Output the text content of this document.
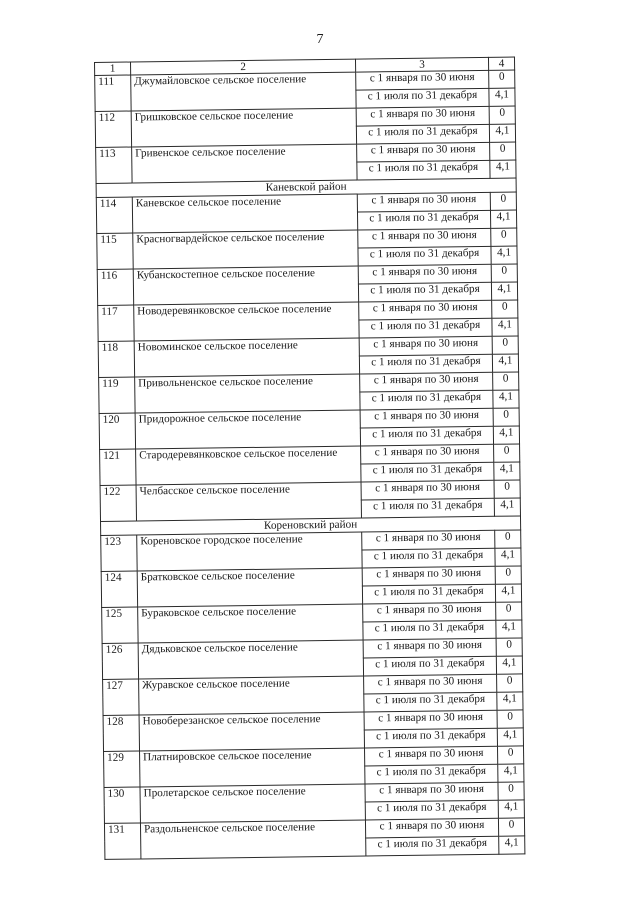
7
1	2	3	4
111	Джумайловское сельское поселение	с 1 января по 30 июня	0
		с 1 июля по 31 декабря	4,1
112	Гришковское сельское поселение	с 1 января по 30 июня	0
		с 1 июля по 31 декабря	4,1
113	Гривенское сельское поселение	с 1 января по 30 июня	0
		с 1 июля по 31 декабря	4,1
Каневской район			
114	Каневское сельское поселение	с 1 января по 30 июня	0
		с 1 июля по 31 декабря	4,1
115	Красногвардейское сельское поселение	с 1 января по 30 июня	0
		с 1 июля по 31 декабря	4,1
116	Кубанскостепное сельское поселение	с 1 января по 30 июня	0
		с 1 июля по 31 декабря	4,1
117	Новодеревянковское сельское поселение	с 1 января по 30 июня	0
		с 1 июля по 31 декабря	4,1
118	Новоминское сельское поселение	с 1 января по 30 июня	0
		с 1 июля по 31 декабря	4,1
119	Привольненское сельское поселение	с 1 января по 30 июня	0
		с 1 июля по 31 декабря	4,1
120	Придорожное сельское поселение	с 1 января по 30 июня	0
		с 1 июля по 31 декабря	4,1
121	Стародеревянковское сельское поселение	с 1 января по 30 июня	0
		с 1 июля по 31 декабря	4,1
122	Челбасское сельское поселение	с 1 января по 30 июня	0
		с 1 июля по 31 декабря	4,1
Кореновский район			
123	Кореновское городское поселение	с 1 января по 30 июня	0
		с 1 июля по 31 декабря	4,1
124	Братковское сельское поселение	с 1 января по 30 июня	0
		с 1 июля по 31 декабря	4,1
125	Бураковское сельское поселение	с 1 января по 30 июня	0
		с 1 июля по 31 декабря	4,1
126	Дядьковское сельское поселение	с 1 января по 30 июня	0
		с 1 июля по 31 декабря	4,1
127	Журавское сельское поселение	с 1 января по 30 июня	0
		с 1 июля по 31 декабря	4,1
128	Новоберезанское сельское поселение	с 1 января по 30 июня	0
		с 1 июля по 31 декабря	4,1
129	Платнировское сельское поселение	с 1 января по 30 июня	0
		с 1 июля по 31 декабря	4,1
130	Пролетарское сельское поселение	с 1 января по 30 июня	0
		с 1 июля по 31 декабря	4,1
131	Раздольненское сельское поселение	с 1 января по 30 июня	0
		с 1 июля по 31 декабря	4,1
